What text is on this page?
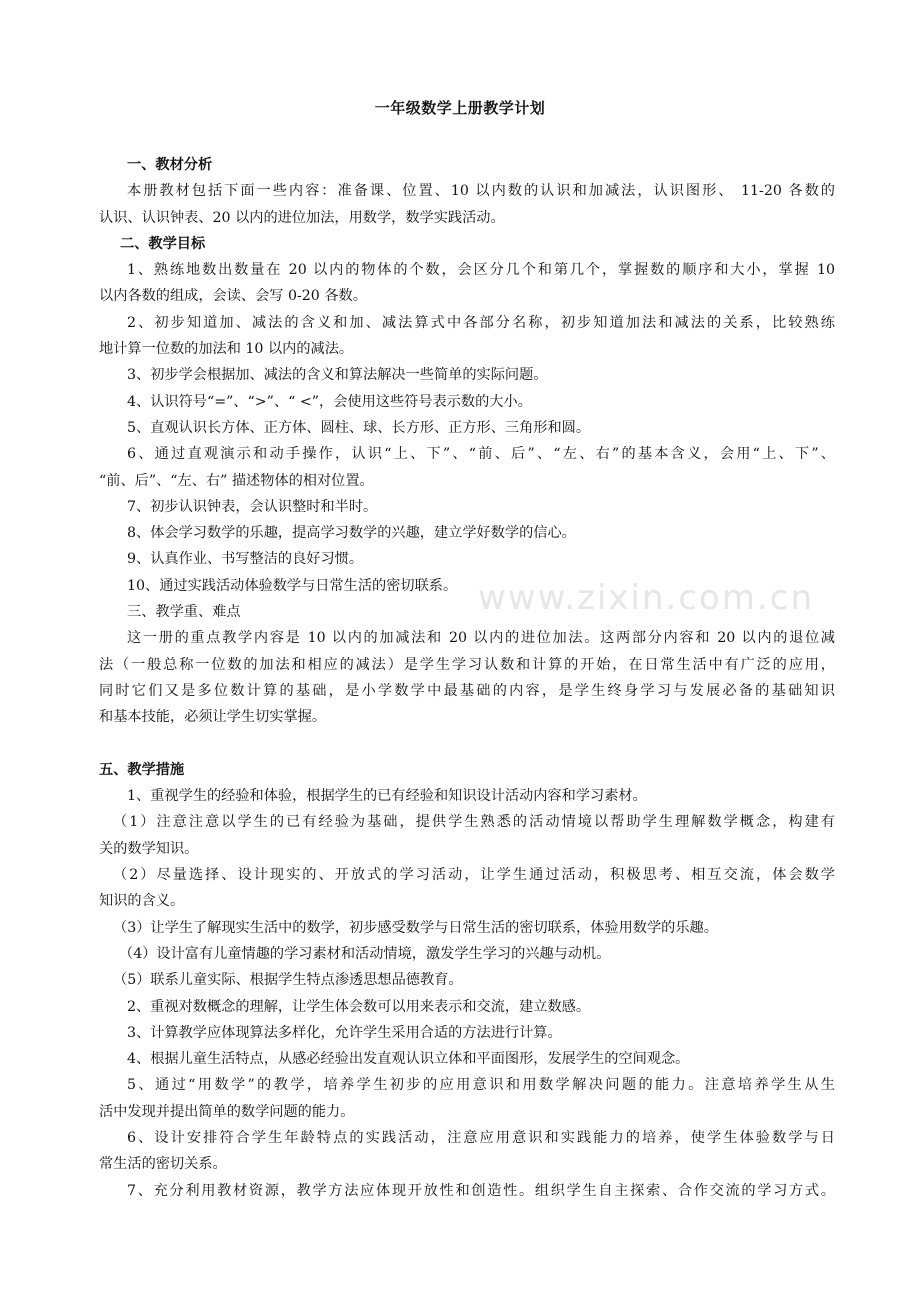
一年级数学上册教学计划
www.zixin.com.cn
一、教材分析
本册教材包括下面一些内容：准备课、位置、10 以内数的认识和加减法，认识图形、 11-20 各数的
认识、认识钟表、20 以内的进位加法，用数学，数学实践活动。
二、教学目标
1、熟练地数出数量在 20 以内的物体的个数，会区分几个和第几个，掌握数的顺序和大小，掌握 10
以内各数的组成，会读、会写 0-20 各数。
2、初步知道加、减法的含义和加、减法算式中各部分名称，初步知道加法和减法的关系，比较熟练
地计算一位数的加法和 10 以内的减法。
3、初步学会根据加、减法的含义和算法解决一些简单的实际问题。
4、认识符号“=”、“>”、“ <”，会使用这些符号表示数的大小。
5、直观认识长方体、正方体、圆柱、球、长方形、正方形、三角形和圆。
6、通过直观演示和动手操作，认识“上、下”、“前、后”、“左、右”的基本含义，会用“上、下”、
“前、后”、“左、右” 描述物体的相对位置。
7、初步认识钟表，会认识整时和半时。
8、体会学习数学的乐趣，提高学习数学的兴趣，建立学好数学的信心。
9、认真作业、书写整洁的良好习惯。
10、通过实践活动体验数学与日常生活的密切联系。
三、教学重、难点
这一册的重点教学内容是 10 以内的加减法和 20 以内的进位加法。这两部分内容和 20 以内的退位减
法（一般总称一位数的加法和相应的减法）是学生学习认数和计算的开始，在日常生活中有广泛的应用，
同时它们又是多位数计算的基础，是小学数学中最基础的内容，是学生终身学习与发展必备的基础知识
和基本技能，必须让学生切实掌握。
五、教学措施
1、重视学生的经验和体验，根据学生的已有经验和知识设计活动内容和学习素材。
（1）注意注意以学生的已有经验为基础，提供学生熟悉的活动情境以帮助学生理解数学概念，构建有
关的数学知识。
（2）尽量选择、设计现实的、开放式的学习活动，让学生通过活动，积极思考、相互交流，体会数学
知识的含义。
（3）让学生了解现实生活中的数学，初步感受数学与日常生活的密切联系，体验用数学的乐趣。
（4）设计富有儿童情趣的学习素材和活动情境，激发学生学习的兴趣与动机。
（5）联系儿童实际、根据学生特点渗透思想品德教育。
2、重视对数概念的理解，让学生体会数可以用来表示和交流，建立数感。
3、计算教学应体现算法多样化，允许学生采用合适的方法进行计算。
4、根据儿童生活特点，从感必经验出发直观认识立体和平面图形，发展学生的空间观念。
5、通过“用数学”的教学，培养学生初步的应用意识和用数学解决问题的能力。注意培养学生从生
活中发现并提出简单的数学问题的能力。
6、设计安排符合学生年龄特点的实践活动，注意应用意识和实践能力的培养，使学生体验数学与日
常生活的密切关系。
7、充分利用教材资源，教学方法应体现开放性和创造性。组织学生自主探索、合作交流的学习方式。
